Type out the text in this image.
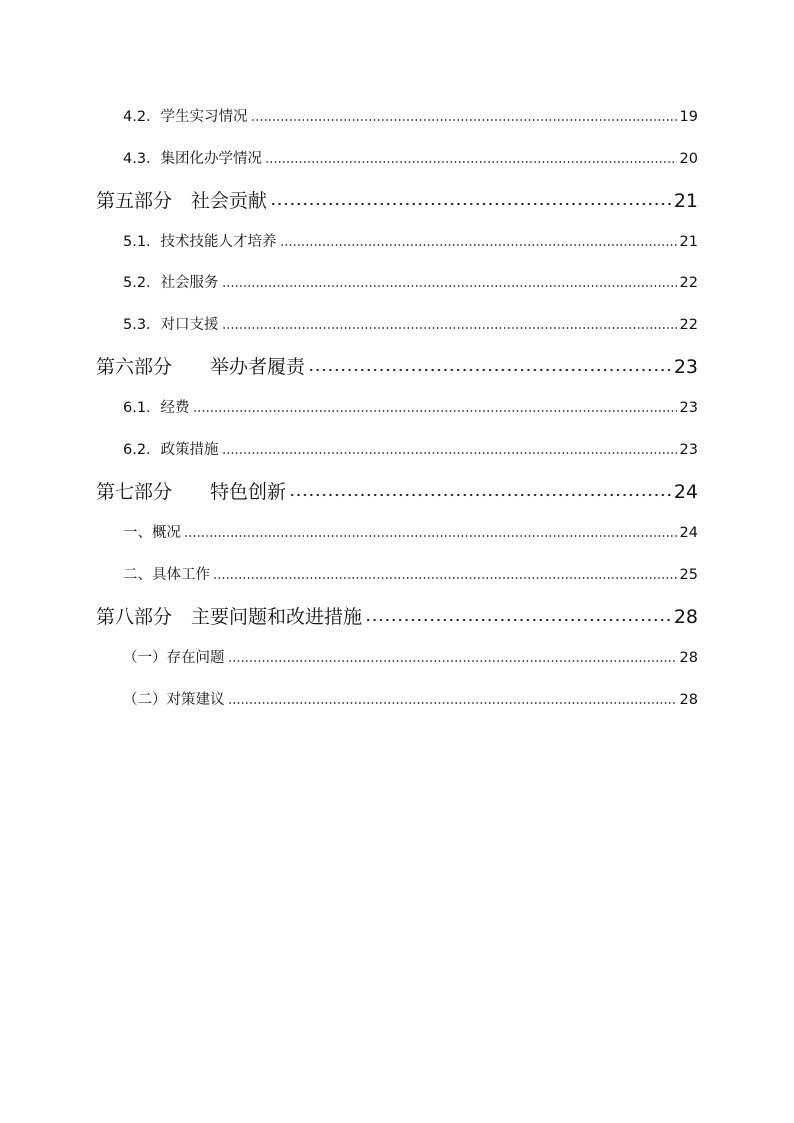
4.2．学生实习情况	19
4.3．集团化办学情况	20
第五部分　社会贡献	21
5.1．技术技能人才培养	21
5.2．社会服务	22
5.3．对口支援	22
第六部分　　举办者履责	23
6.1．经费	23
6.2．政策措施	23
第七部分　　特色创新	24
一、概况	24
二、具体工作	25
第八部分　主要问题和改进措施	28
（一）存在问题	28
（二）对策建议	28
